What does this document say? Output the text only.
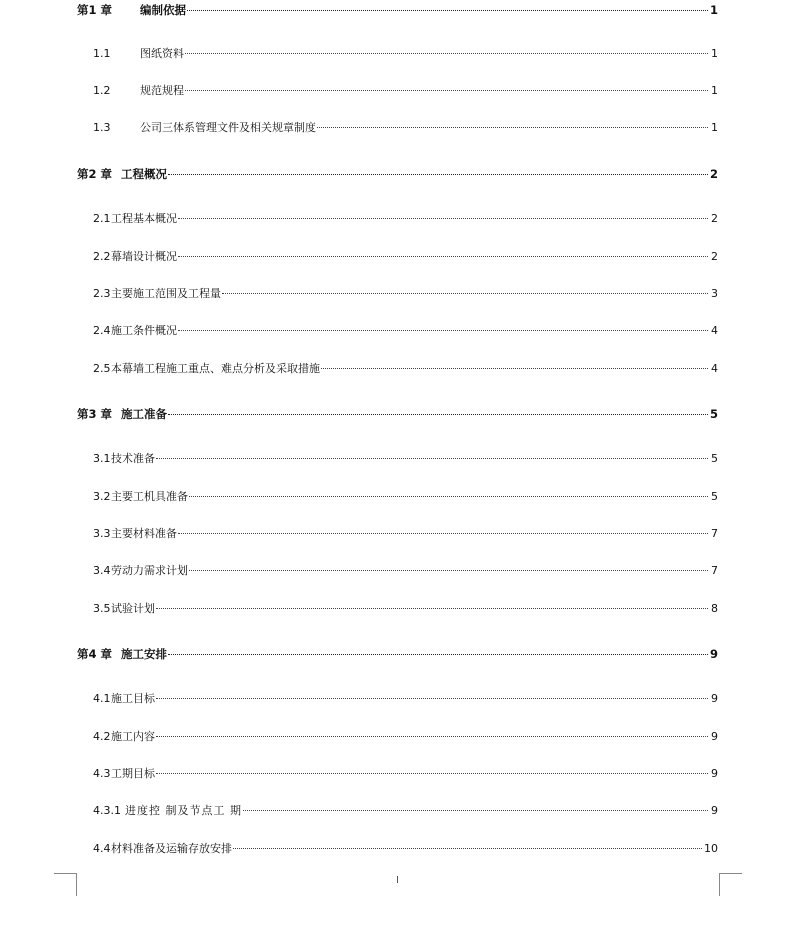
第1 章	编制依据	1
1.1	图纸资料	1
1.2	规范规程	1
1.3	公司三体系管理文件及相关规章制度	1
第2 章 工程概况	2
2.1 工程基本概况	2
2.2 幕墙设计概况	2
2.3 主要施工范围及工程量	3
2.4 施工条件概况	4
2.5 本幕墙工程施工重点、难点分析及采取措施	4
第3 章 施工准备	5
3.1 技术准备	5
3.2 主要工机具准备	5
3.3 主要材料准备	7
3.4 劳动力需求计划	7
3.5 试验计划	8
第4 章 施工安排	9
4.1 施工目标	9
4.2 施工内容	9
4.3 工期目标	9
4.3.1 进度控 制及节点工 期	9
4.4 材料准备及运输存放安排	10
